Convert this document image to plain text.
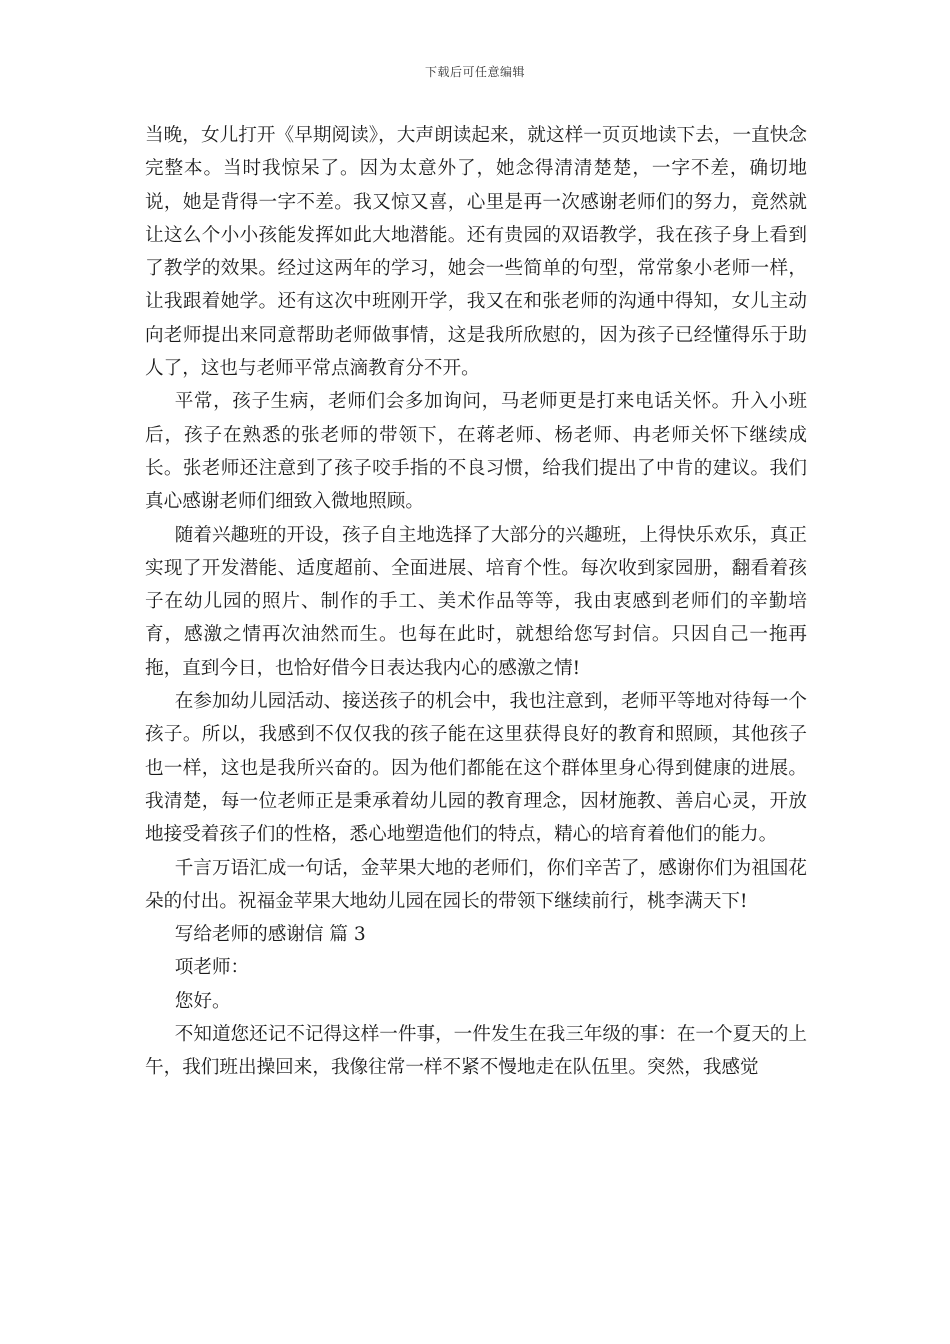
下载后可任意编辑

当晚，女儿打开《早期阅读》，大声朗读起来，就这样一页页地读下去，一直快念完整本。当时我惊呆了。因为太意外了，她念得清清楚楚，一字不差，确切地说，她是背得一字不差。我又惊又喜，心里是再一次感谢老师们的努力，竟然就让这么个小小孩能发挥如此大地潜能。还有贵园的双语教学，我在孩子身上看到了教学的效果。经过这两年的学习，她会一些简单的句型，常常象小老师一样，让我跟着她学。还有这次中班刚开学，我又在和张老师的沟通中得知，女儿主动向老师提出来同意帮助老师做事情，这是我所欣慰的，因为孩子已经懂得乐于助人了，这也与老师平常点滴教育分不开。

平常，孩子生病，老师们会多加询问，马老师更是打来电话关怀。升入小班后，孩子在熟悉的张老师的带领下，在蒋老师、杨老师、冉老师关怀下继续成长。张老师还注意到了孩子咬手指的不良习惯，给我们提出了中肯的建议。我们真心感谢老师们细致入微地照顾。

随着兴趣班的开设，孩子自主地选择了大部分的兴趣班，上得快乐欢乐，真正实现了开发潜能、适度超前、全面进展、培育个性。每次收到家园册，翻看着孩子在幼儿园的照片、制作的手工、美术作品等等，我由衷感到老师们的辛勤培育，感激之情再次油然而生。也每在此时，就想给您写封信。只因自己一拖再拖，直到今日，也恰好借今日表达我内心的感激之情!

在参加幼儿园活动、接送孩子的机会中，我也注意到，老师平等地对待每一个孩子。所以，我感到不仅仅我的孩子能在这里获得良好的教育和照顾，其他孩子也一样，这也是我所兴奋的。因为他们都能在这个群体里身心得到健康的进展。我清楚，每一位老师正是秉承着幼儿园的教育理念，因材施教、善启心灵，开放地接受着孩子们的性格，悉心地塑造他们的特点，精心的培育着他们的能力。

千言万语汇成一句话，金苹果大地的老师们，你们辛苦了，感谢你们为祖国花朵的付出。祝福金苹果大地幼儿园在园长的带领下继续前行，桃李满天下!

写给老师的感谢信 篇 3

项老师：

您好。

不知道您还记不记得这样一件事，一件发生在我三年级的事：在一个夏天的上午，我们班出操回来，我像往常一样不紧不慢地走在队伍里。突然，我感觉
